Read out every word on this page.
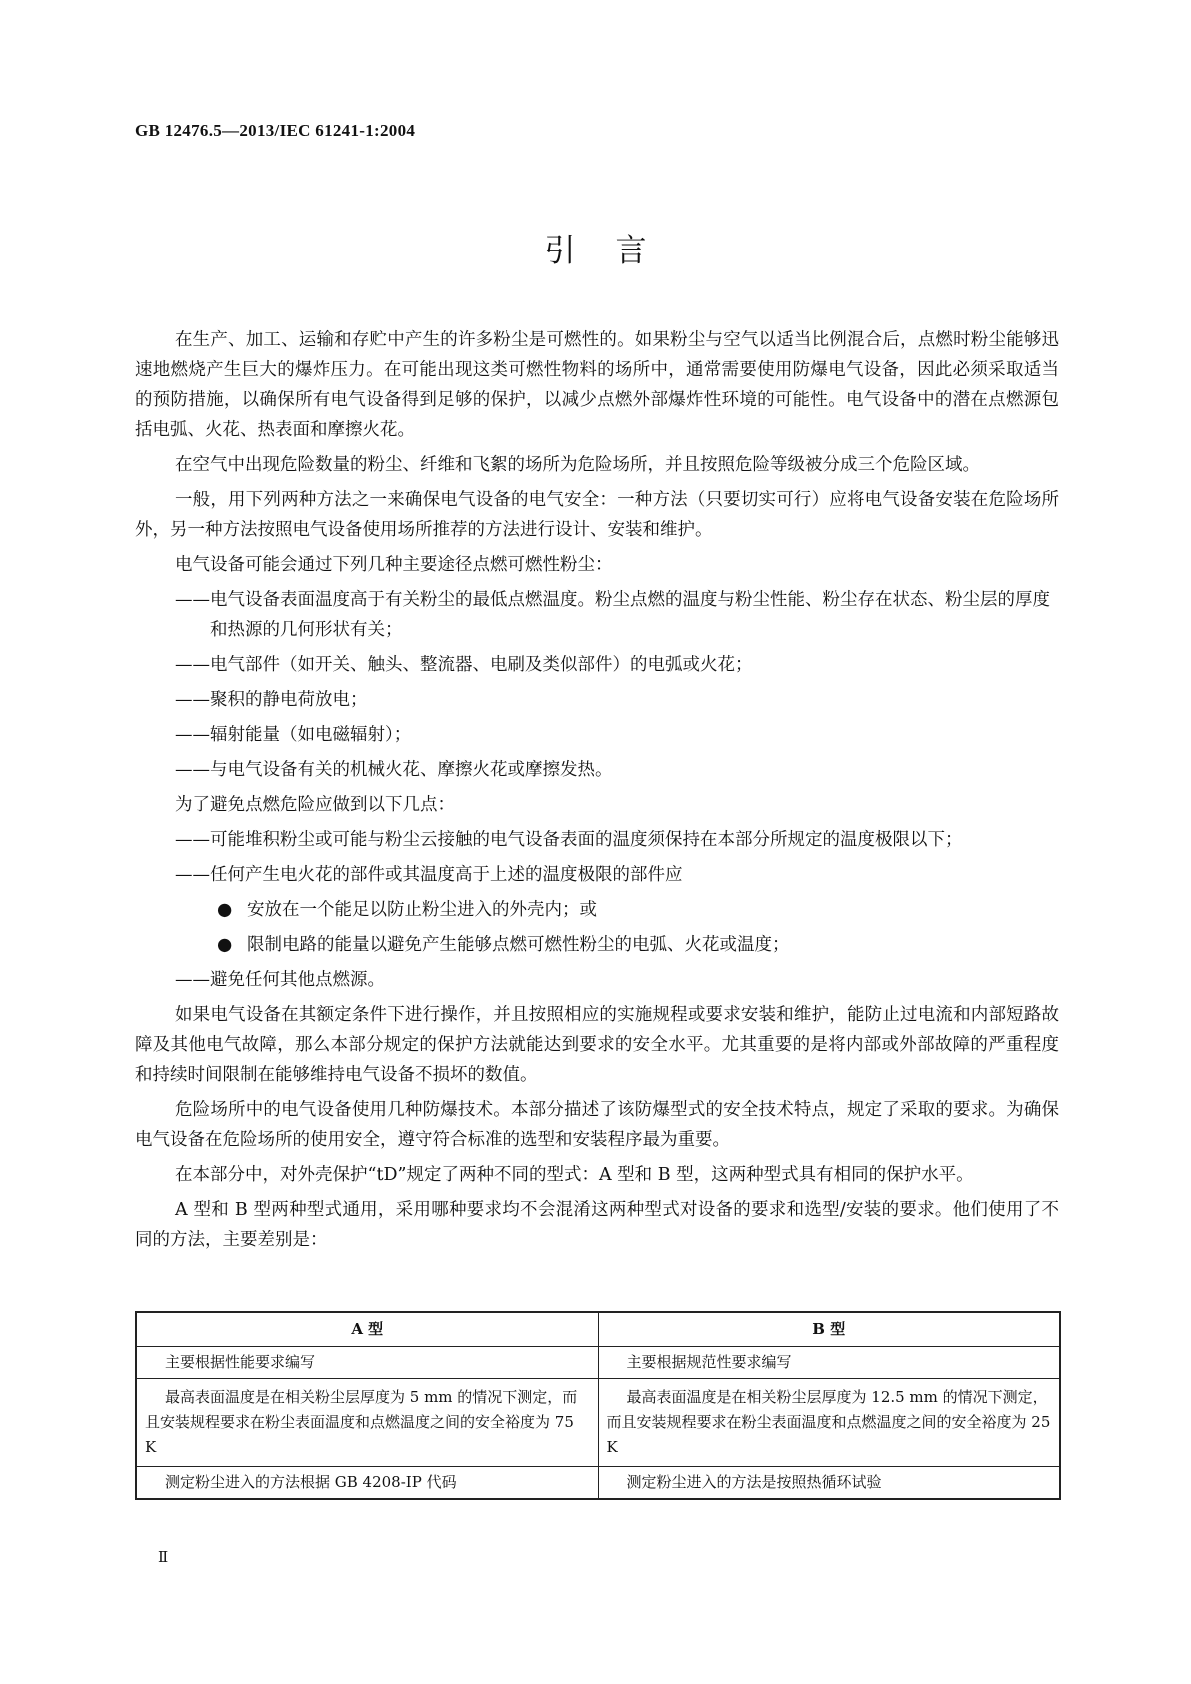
GB 12476.5—2013/IEC 61241-1:2004
引言

在生产、加工、运输和存贮中产生的许多粉尘是可燃性的。如果粉尘与空气以适当比例混合后，点燃时粉尘能够迅速地燃烧产生巨大的爆炸压力。在可能出现这类可燃性物料的场所中，通常需要使用防爆电气设备，因此必须采取适当的预防措施，以确保所有电气设备得到足够的保护，以减少点燃外部爆炸性环境的可能性。电气设备中的潜在点燃源包括电弧、火花、热表面和摩擦火花。

在空气中出现危险数量的粉尘、纤维和飞絮的场所为危险场所，并且按照危险等级被分成三个危险区域。

一般，用下列两种方法之一来确保电气设备的电气安全：一种方法（只要切实可行）应将电气设备安装在危险场所外，另一种方法按照电气设备使用场所推荐的方法进行设计、安装和维护。

电气设备可能会通过下列几种主要途径点燃可燃性粉尘：

——电气设备表面温度高于有关粉尘的最低点燃温度。粉尘点燃的温度与粉尘性能、粉尘存在状态、粉尘层的厚度和热源的几何形状有关；

——电气部件（如开关、触头、整流器、电刷及类似部件）的电弧或火花；

——聚积的静电荷放电；

——辐射能量（如电磁辐射）；

——与电气设备有关的机械火花、摩擦火花或摩擦发热。

为了避免点燃危险应做到以下几点：

——可能堆积粉尘或可能与粉尘云接触的电气设备表面的温度须保持在本部分所规定的温度极限以下；

——任何产生电火花的部件或其温度高于上述的温度极限的部件应

● 安放在一个能足以防止粉尘进入的外壳内；或

● 限制电路的能量以避免产生能够点燃可燃性粉尘的电弧、火花或温度；

——避免任何其他点燃源。

如果电气设备在其额定条件下进行操作，并且按照相应的实施规程或要求安装和维护，能防止过电流和内部短路故障及其他电气故障，那么本部分规定的保护方法就能达到要求的安全水平。尤其重要的是将内部或外部故障的严重程度和持续时间限制在能够维持电气设备不损坏的数值。

危险场所中的电气设备使用几种防爆技术。本部分描述了该防爆型式的安全技术特点，规定了采取的要求。为确保电气设备在危险场所的使用安全，遵守符合标准的选型和安装程序最为重要。

在本部分中，对外壳保护“tD”规定了两种不同的型式：A 型和 B 型，这两种型式具有相同的保护水平。

A 型和 B 型两种型式通用，采用哪种要求均不会混淆这两种型式对设备的要求和选型/安装的要求。他们使用了不同的方法，主要差别是：

A 型	B 型
主要根据性能要求编写	主要根据规范性要求编写
最高表面温度是在相关粉尘层厚度为 5 mm 的情况下测定，而且安装规程要求在粉尘表面温度和点燃温度之间的安全裕度为 75 K	最高表面温度是在相关粉尘层厚度为 12.5 mm 的情况下测定，而且安装规程要求在粉尘表面温度和点燃温度之间的安全裕度为 25 K
测定粉尘进入的方法根据 GB 4208-IP 代码	测定粉尘进入的方法是按照热循环试验
Ⅱ
